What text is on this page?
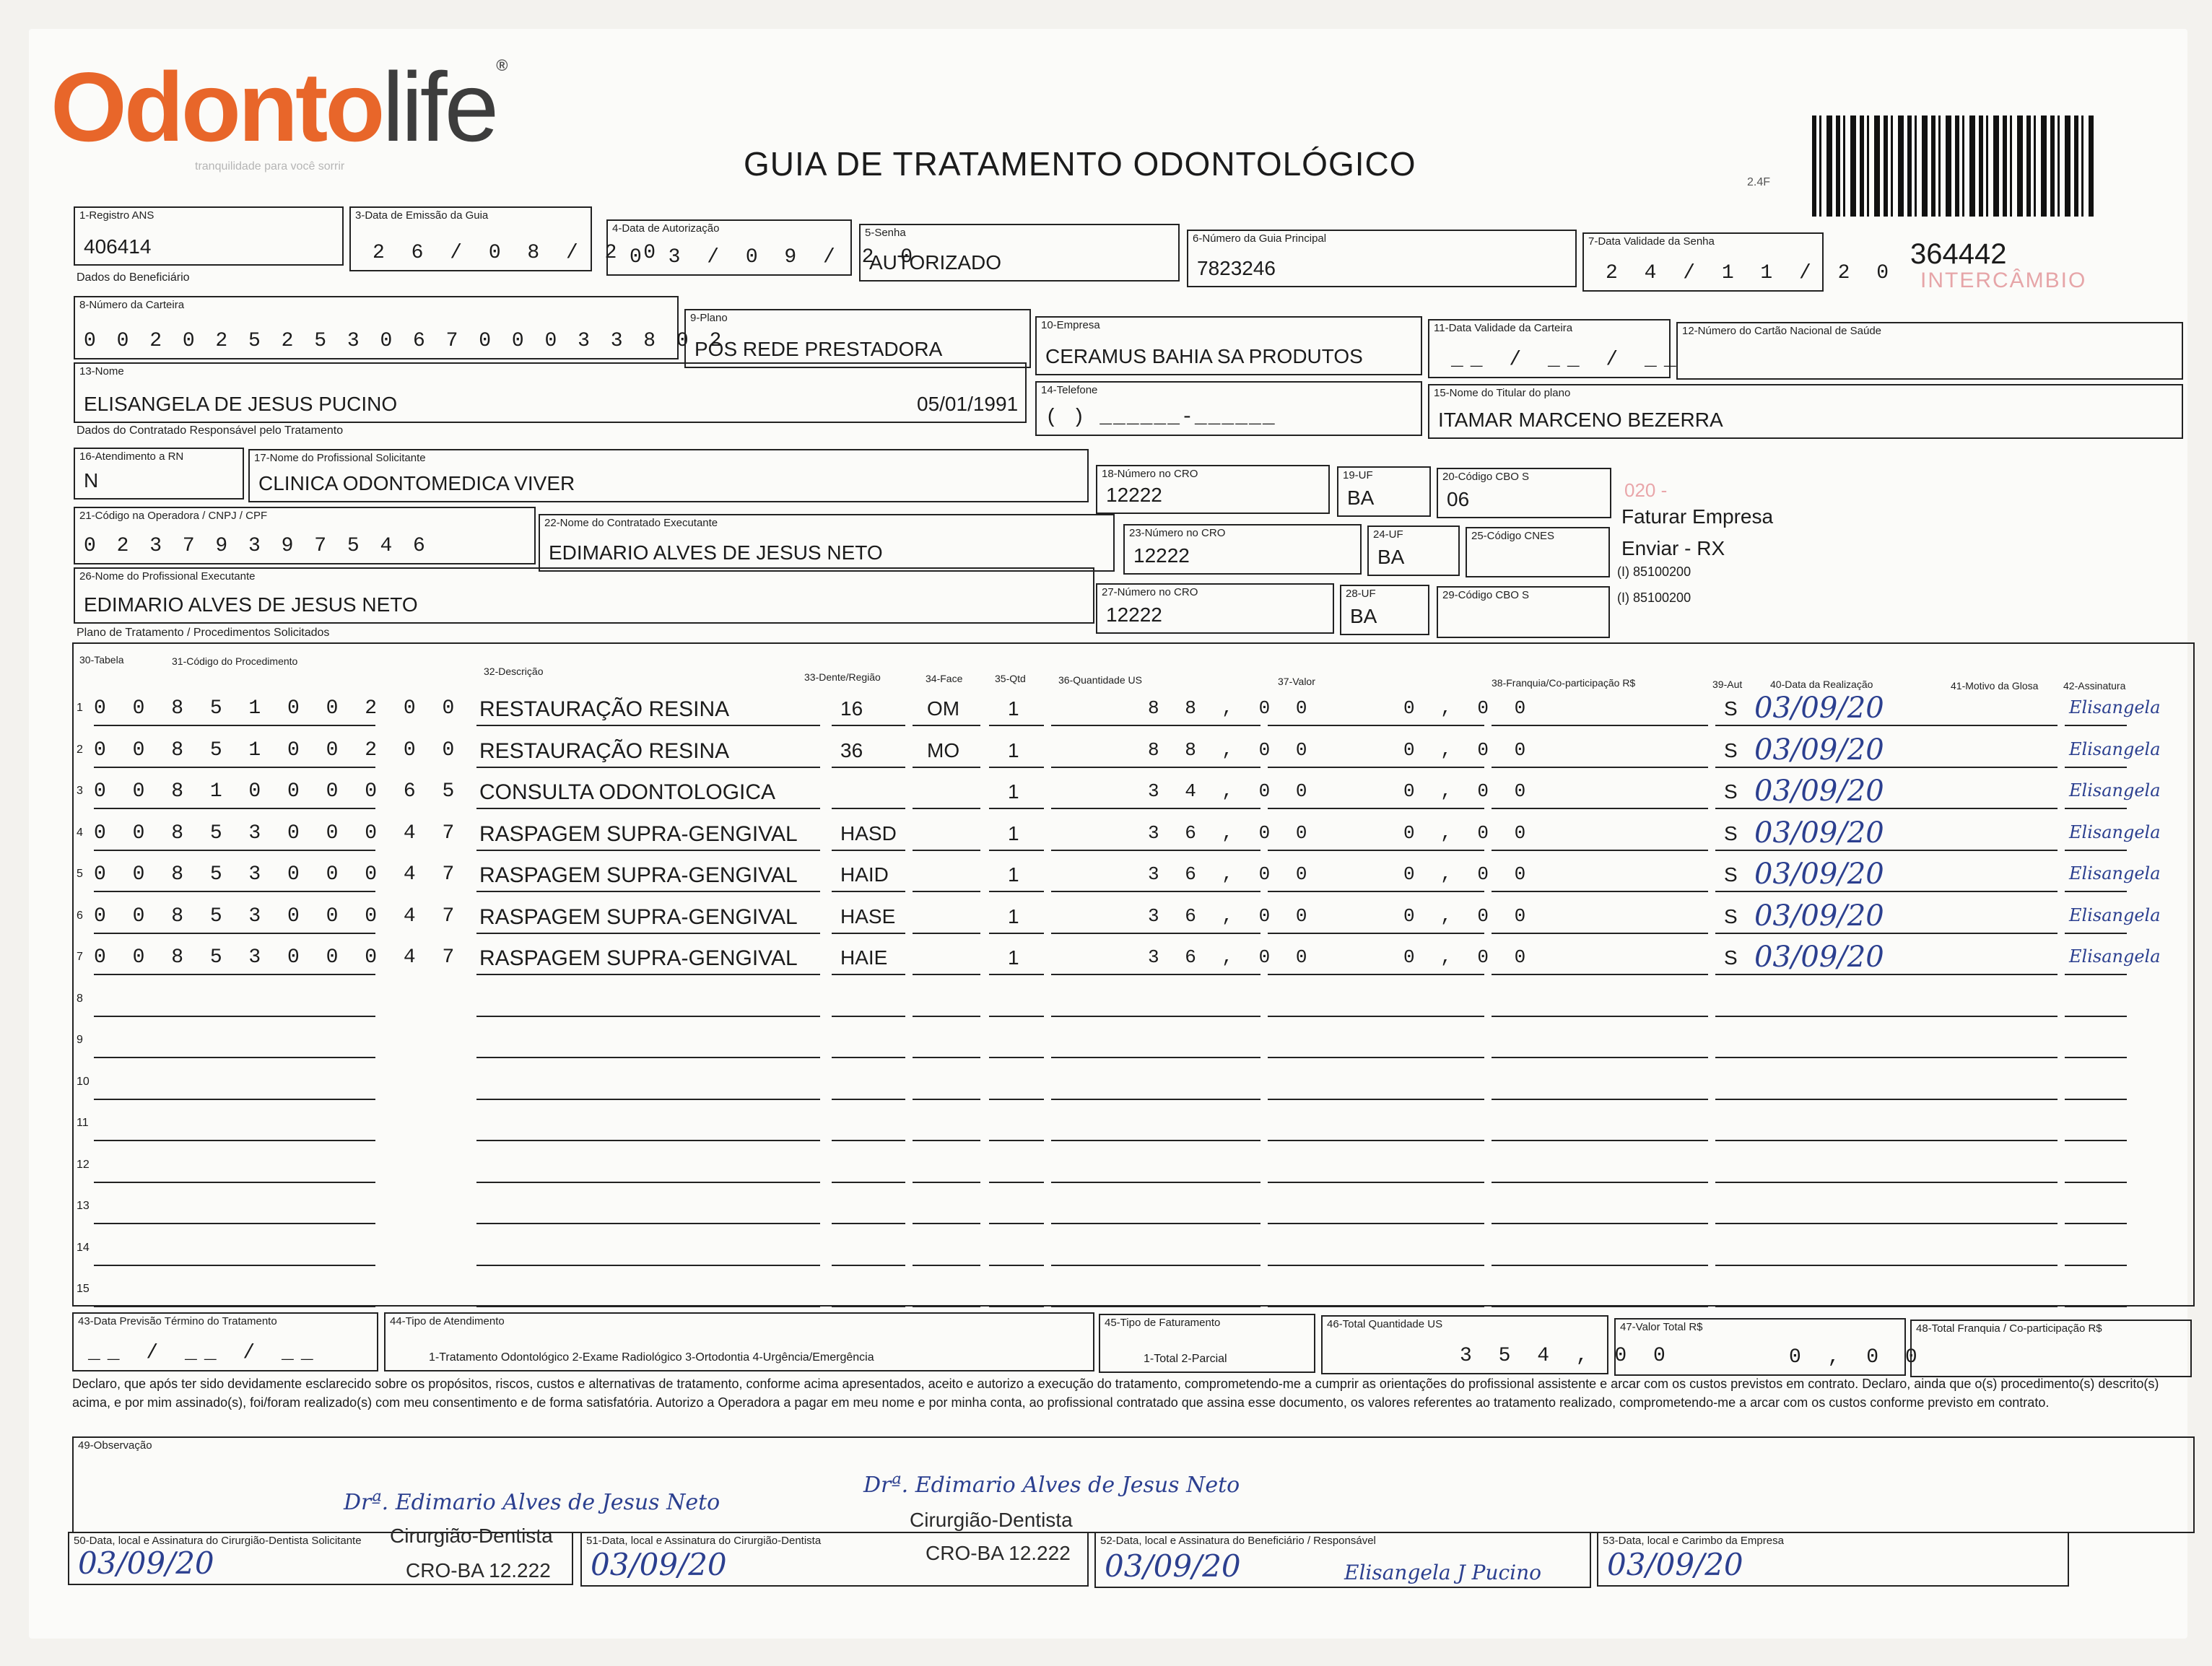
Odontolife®
tranquilidade para você sorrir	GUIA DE TRATAMENTO ODONTOLÓGICO	2.4F
364442
INTERCÂMBIO
1-Registro ANS
406414
3-Data de Emissão da Guia
2 6 / 0 8 / 2 0
4-Data de Autorização
0 3 / 0 9 / 2 0
5-Senha
AUTORIZADO
6-Número da Guia Principal
7823246
7-Data Validade da Senha
2 4 / 1 1 / 2 0
Dados do Beneficiário
8-Número da Carteira
0 0 2 0 2 5 2 5 3 0 6 7 0 0 0 3 3 8 0 2
9-Plano
POS REDE PRESTADORA
10-Empresa
CERAMUS BAHIA SA PRODUTOS
11-Data Validade da Carteira
__ / __ / __
12-Número do Cartão Nacional de Saúde
13-Nome
ELISANGELA DE JESUS PUCINO	05/01/1991
14-Telefone
( ) ______-______
15-Nome do Titular do plano
ITAMAR MARCENO BEZERRA
Dados do Contratado Responsável pelo Tratamento
16-Atendimento a RN
N
17-Nome do Profissional Solicitante
CLINICA ODONTOMEDICA VIVER	18-Número no CRO
12222
19-UF
BA
20-Código CBO S
06
21-Código na Operadora / CNPJ / CPF
0 2 3 7 9 3 9 7 5 4 6
22-Nome do Contratado Executante
EDIMARIO ALVES DE JESUS NETO
23-Número no CRO
12222
24-UF
BA
25-Código CNES
26-Nome do Profissional Executante
EDIMARIO ALVES DE JESUS NETO
27-Número no CRO
12222
28-UF
BA
29-Código CBO S
020 -
Faturar Empresa
Enviar - RX
(I) 85100200
(I) 85100200
Plano de Tratamento / Procedimentos Solicitados
30-Tabela	31-Código do Procedimento
32-Descrição	33-Dente/Região	34-Face	35-Qtd	36-Quantidade US	37-Valor	38-Franquia/Co-participação R$	39-Aut	40-Data da Realização	41-Motivo da Glosa 42-Assinatura
1 0 0 8 5 1 0 0 2 0 0 RESTAURAÇÃO RESINA	16	OM 1	8 8 , 0 0	0 , 0 0	S 03/09/20	Elisangela
2 0 0 8 5 1 0 0 2 0 0 RESTAURAÇÃO RESINA	36	MO 1	8 8 , 0 0	0 , 0 0	S 03/09/20	Elisangela
3 0 0 8 1 0 0 0 0 6 5 CONSULTA ODONTOLOGICA	1	3 4 , 0 0	0 , 0 0	S 03/09/20	Elisangela
4 0 0 8 5 3 0 0 0 4 7 RASPAGEM SUPRA-GENGIVAL HASD	1	3 6 , 0 0	0 , 0 0	S 03/09/20	Elisangela
5 0 0 8 5 3 0 0 0 4 7 RASPAGEM SUPRA-GENGIVAL HAID	1	3 6 , 0 0	0 , 0 0	S 03/09/20	Elisangela
6 0 0 8 5 3 0 0 0 4 7 RASPAGEM SUPRA-GENGIVAL HASE	1	3 6 , 0 0	0 , 0 0	S 03/09/20	Elisangela
7 0 0 8 5 3 0 0 0 4 7 RASPAGEM SUPRA-GENGIVAL HAIE	1	3 6 , 0 0	0 , 0 0	S 03/09/20	Elisangela
8
9
10
11
12
13
14
15
43-Data Previsão Término do Tratamento
__ / __ / __
44-Tipo de Atendimento
1-Tratamento Odontológico 2-Exame Radiológico 3-Ortodontia 4-Urgência/Emergência
45-Tipo de Faturamento
1-Total 2-Parcial
46-Total Quantidade US
3 5 4 , 0 0
47-Valor Total R$
0 , 0 0
48-Total Franquia / Co-participação R$
Declaro, que após ter sido devidamente esclarecido sobre os propósitos, riscos, custos e alternativas de tratamento, conforme acima apresentados, aceito e autorizo a execução do tratamento, comprometendo-me a cumprir as orientações do profissional assistente e arcar com os custos previstos em contrato. Declaro, ainda que o(s) procedimento(s) descrito(s) acima, e por mim assinado(s), foi/foram realizado(s) com meu consentimento e de forma satisfatória. Autorizo a Operadora a pagar em meu nome e por minha conta, ao profissional contratado que assina esse documento, os valores referentes ao tratamento realizado, comprometendo-me a arcar com os custos conforme previsto em contrato.
49-Observação
50-Data, local e Assinatura do Cirurgião-Dentista Solicitante
03/09/20
51-Data, local e Assinatura do Cirurgião-Dentista
03/09/20
52-Data, local e Assinatura do Beneficiário / Responsável
03/09/20	Elisangela J Pucino
53-Data, local e Carimbo da Empresa
03/09/20
Drª. Edimario Alves de Jesus Neto
Cirurgião-Dentista
CRO-BA 12.222
Drª. Edimario Alves de Jesus Neto
Cirurgião-Dentista
CRO-BA 12.222
